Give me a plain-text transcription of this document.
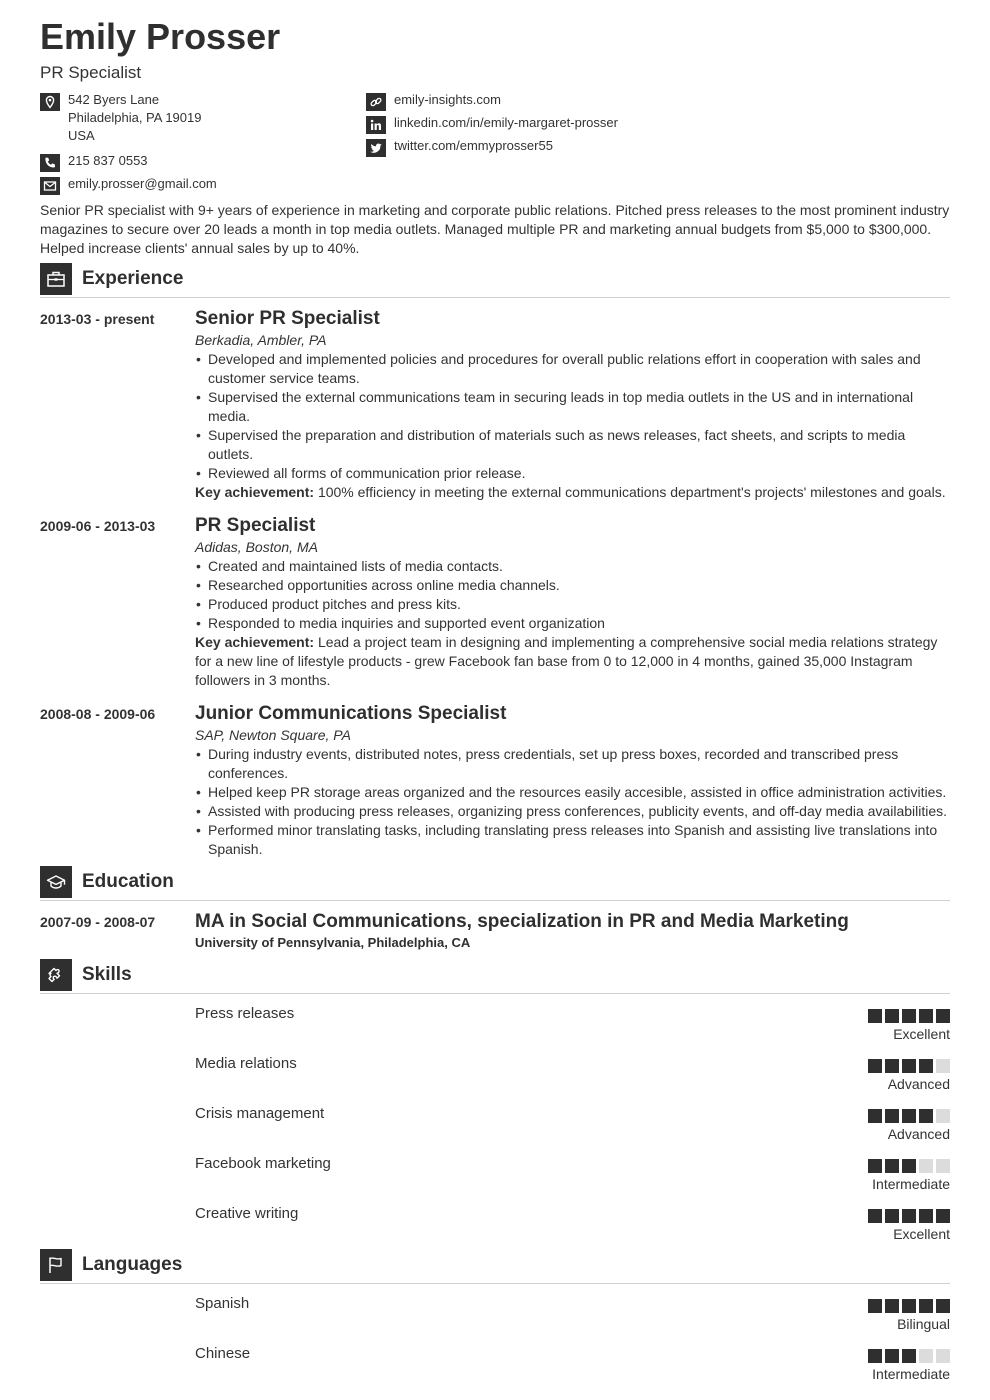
Emily Prosser
PR Specialist
542 Byers Lane
Philadelphia, PA 19019
USA
215 837 0553
emily.prosser@gmail.com
emily-insights.com
linkedin.com/in/emily-margaret-prosser
twitter.com/emmyprosser55
Senior PR specialist with 9+ years of experience in marketing and corporate public relations. Pitched press releases to the most prominent industry magazines to secure over 20 leads a month in top media outlets. Managed multiple PR and marketing annual budgets from $5,000 to $300,000. Helped increase clients' annual sales by up to 40%.
Experience
2013-03 - present Senior PR Specialist
Berkadia, Ambler, PA
• Developed and implemented policies and procedures for overall public relations effort in cooperation with sales and customer service teams.
• Supervised the external communications team in securing leads in top media outlets in the US and in international media.
• Supervised the preparation and distribution of materials such as news releases, fact sheets, and scripts to media outlets.
• Reviewed all forms of communication prior release.
Key achievement: 100% efficiency in meeting the external communications department's projects' milestones and goals.
2009-06 - 2013-03 PR Specialist
Adidas, Boston, MA
• Created and maintained lists of media contacts.
• Researched opportunities across online media channels.
• Produced product pitches and press kits.
• Responded to media inquiries and supported event organization
Key achievement: Lead a project team in designing and implementing a comprehensive social media relations strategy for a new line of lifestyle products - grew Facebook fan base from 0 to 12,000 in 4 months, gained 35,000 Instagram followers in 3 months.
2008-08 - 2009-06 Junior Communications Specialist
SAP, Newton Square, PA
• During industry events, distributed notes, press credentials, set up press boxes, recorded and transcribed press conferences.
• Helped keep PR storage areas organized and the resources easily accesible, assisted in office administration activities.
• Assisted with producing press releases, organizing press conferences, publicity events, and off-day media availabilities.
• Performed minor translating tasks, including translating press releases into Spanish and assisting live translations into Spanish.
Education
2007-09 - 2008-07 MA in Social Communications, specialization in PR and Media Marketing
University of Pennsylvania, Philadelphia, CA
Skills
Press releases
Excellent
Media relations
Advanced
Crisis management
Advanced
Facebook marketing
Intermediate
Creative writing
Excellent
Languages
Spanish
Bilingual
Chinese
Intermediate
